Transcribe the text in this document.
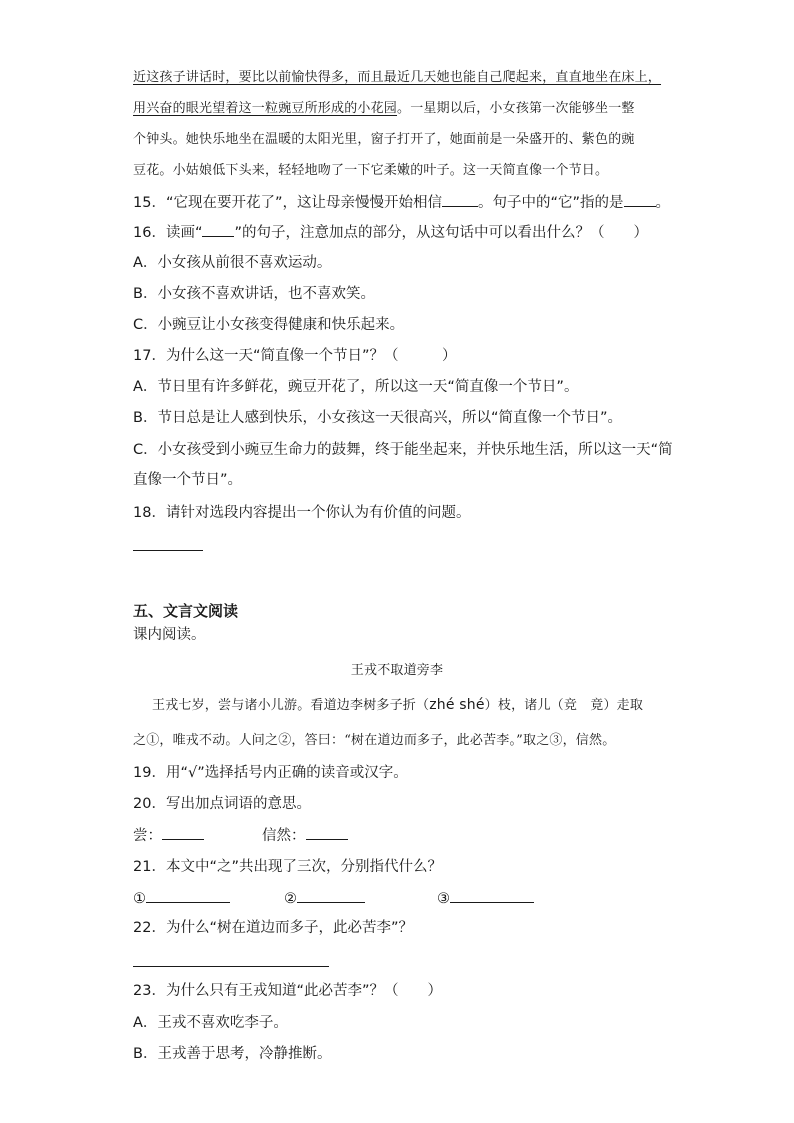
近这孩子讲话时，要比以前愉快得多，而且最近几天她也能自己爬起来，直直地坐在床上，
用兴奋的眼光望着这一粒豌豆所形成的小花园。一星期以后，小女孩第一次能够坐一整
个钟头。她快乐地坐在温暖的太阳光里，窗子打开了，她面前是一朵盛开的、紫色的豌
豆花。小姑娘低下头来，轻轻地吻了一下它柔嫩的叶子。这一天简直像一个节日。
15．“它现在要开花了”，这让母亲慢慢开始相信 。句子中的“它”指的是 。
16．读画“ ”的句子，注意加点的部分，从这句话中可以看出什么？（　　）
A．小女孩从前很不喜欢运动。
B．小女孩不喜欢讲话，也不喜欢笑。
C．小豌豆让小女孩变得健康和快乐起来。
17．为什么这一天“简直像一个节日”？（　　　）
A．节日里有许多鲜花，豌豆开花了，所以这一天“简直像一个节日”。
B．节日总是让人感到快乐，小女孩这一天很高兴，所以“简直像一个节日”。
C．小女孩受到小豌豆生命力的鼓舞，终于能坐起来，并快乐地生活，所以这一天“简
直像一个节日”。
18．请针对选段内容提出一个你认为有价值的问题。
五、文言文阅读
课内阅读。
王戎不取道旁李
王戎七岁，尝与诸小儿游。看道边李树多子折（zhé shé）枝，诸儿（竞　竟）走取
之①，唯戎不动。人问之②，答曰：“树在道边而多子，此必苦李。”取之③，信然。
19．用“√”选择括号内正确的读音或汉字。
20．写出加点词语的意思。
尝：	信然：
21．本文中“之”共出现了三次，分别指代什么？
①	②	③
22．为什么“树在道边而多子，此必苦李”？
23．为什么只有王戎知道“此必苦李”？（　　）
A．王戎不喜欢吃李子。
B．王戎善于思考，冷静推断。
